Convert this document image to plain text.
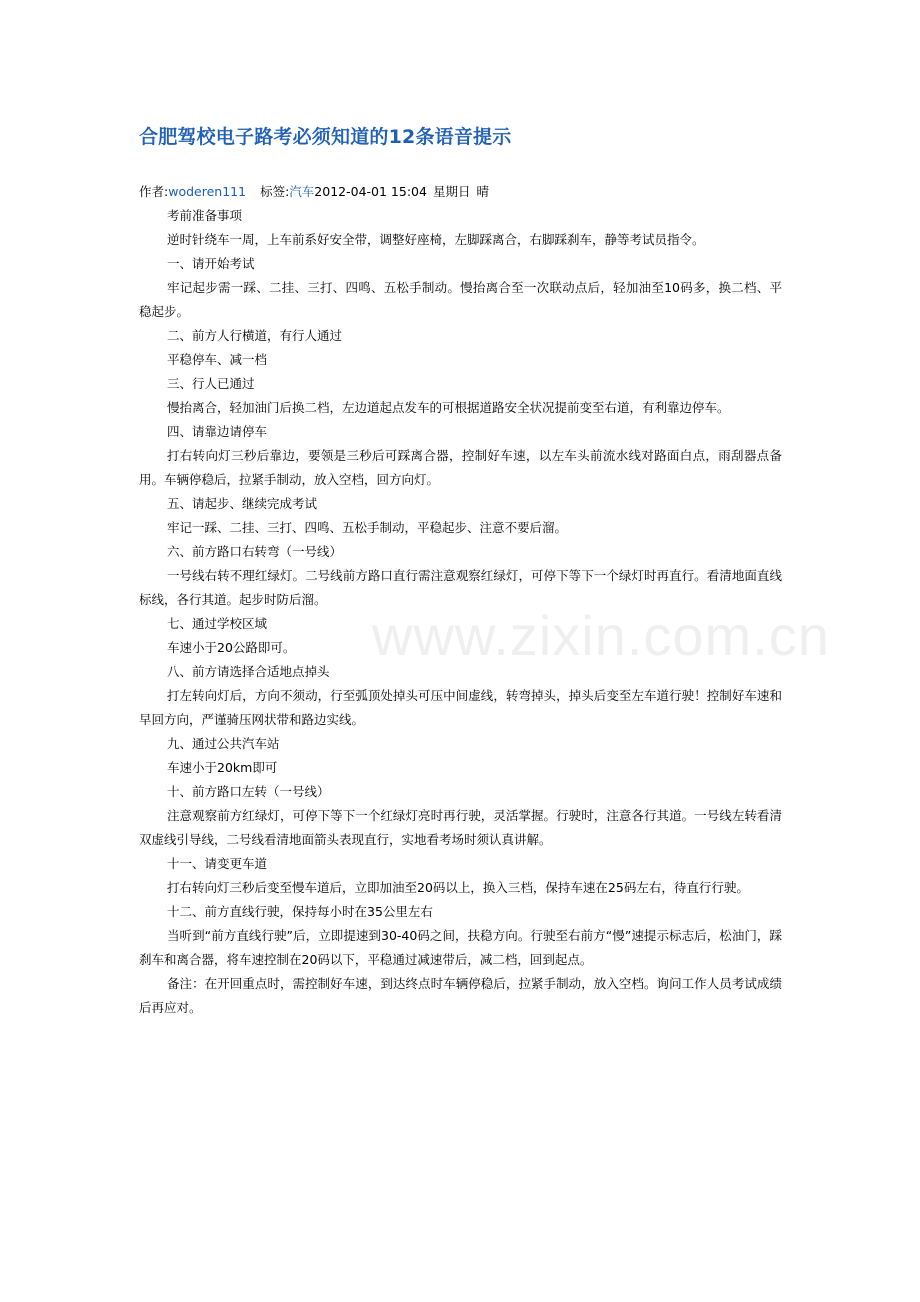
合肥驾校电子路考必须知道的12条语音提示
作者:woderen111 标签:汽车2012-04-01 15:04 星期日 晴

考前准备事项

逆时针绕车一周，上车前系好安全带，调整好座椅，左脚踩离合，右脚踩刹车，静等考试员指令。

一、请开始考试

牢记起步需一踩、二挂、三打、四鸣、五松手制动。慢抬离合至一次联动点后，轻加油至10码多，换二档、平稳起步。

二、前方人行横道，有行人通过

平稳停车、减一档

三、行人已通过

慢抬离合，轻加油门后换二档，左边道起点发车的可根据道路安全状况提前变至右道，有利靠边停车。

四、请靠边请停车

打右转向灯三秒后靠边，要领是三秒后可踩离合器，控制好车速，以左车头前流水线对路面白点，雨刮器点备用。车辆停稳后，拉紧手制动，放入空档，回方向灯。

五、请起步、继续完成考试

牢记一踩、二挂、三打、四鸣、五松手制动，平稳起步、注意不要后溜。

六、前方路口右转弯（一号线）

一号线右转不理红绿灯。二号线前方路口直行需注意观察红绿灯，可停下等下一个绿灯时再直行。看清地面直线标线，各行其道。起步时防后溜。

七、通过学校区域

车速小于20公路即可。

八、前方请选择合适地点掉头

打左转向灯后，方向不须动，行至弧顶处掉头可压中间虚线，转弯掉头，掉头后变至左车道行驶！控制好车速和早回方向，严谨骑压网状带和路边实线。

九、通过公共汽车站

车速小于20km即可

十、前方路口左转（一号线）

注意观察前方红绿灯，可停下等下一个红绿灯亮时再行驶，灵活掌握。行驶时，注意各行其道。一号线左转看清双虚线引导线，二号线看清地面箭头表现直行，实地看考场时须认真讲解。

十一、请变更车道

打右转向灯三秒后变至慢车道后，立即加油至20码以上，换入三档，保持车速在25码左右，待直行行驶。

十二、前方直线行驶，保持每小时在35公里左右

当听到“前方直线行驶”后，立即提速到30-40码之间，扶稳方向。行驶至右前方“慢”速提示标志后，松油门，踩刹车和离合器，将车速控制在20码以下，平稳通过减速带后，减二档，回到起点。

备注：在开回重点时，需控制好车速，到达终点时车辆停稳后，拉紧手制动，放入空档。询问工作人员考试成绩后再应对。

www.zixin.com.cn
